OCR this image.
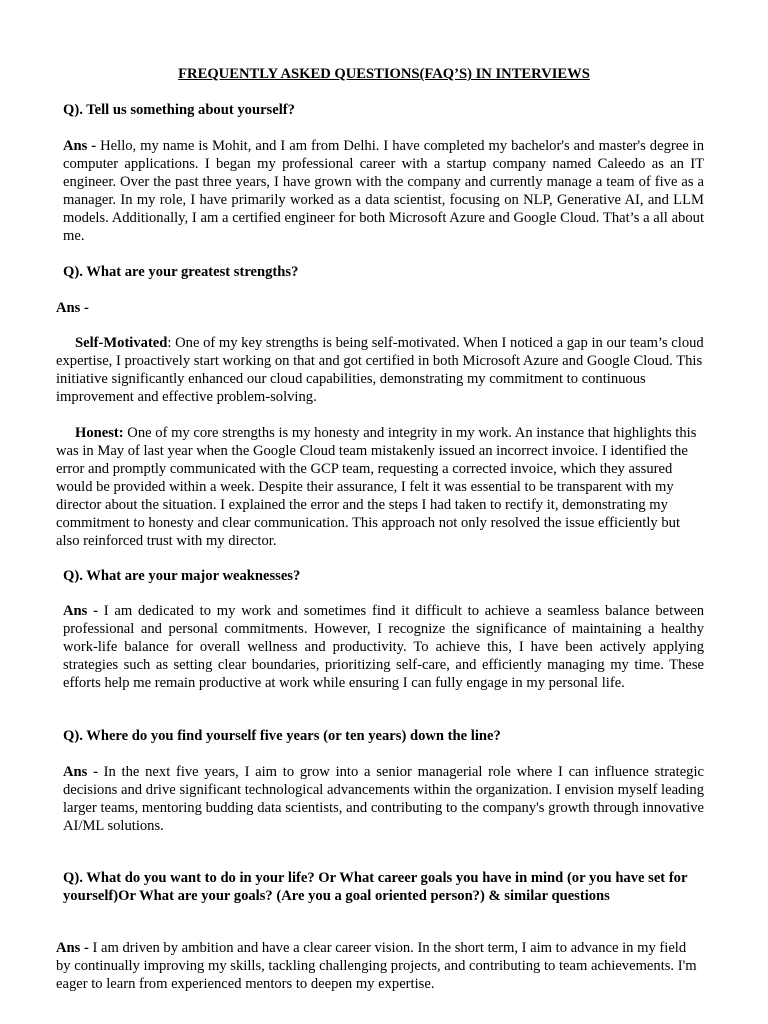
FREQUENTLY ASKED QUESTIONS(FAQ’S) IN INTERVIEWS

Q). Tell us something about yourself?

Ans - Hello, my name is Mohit, and I am from Delhi. I have completed my bachelor's and master's degree in computer applications. I began my professional career with a startup company named Caleedo as an IT engineer. Over the past three years, I have grown with the company and currently manage a team of five as a manager. In my role, I have primarily worked as a data scientist, focusing on NLP, Generative AI, and LLM models. Additionally, I am a certified engineer for both Microsoft Azure and Google Cloud. That’s a all about me.

Q). What are your greatest strengths?

Ans -

Self-Motivated: One of my key strengths is being self-motivated. When I noticed a gap in our team’s cloud expertise, I proactively start working on that and got certified in both Microsoft Azure and Google Cloud. This initiative significantly enhanced our cloud capabilities, demonstrating my commitment to continuous improvement and effective problem-solving.

Honest: One of my core strengths is my honesty and integrity in my work. An instance that highlights this was in May of last year when the Google Cloud team mistakenly issued an incorrect invoice. I identified the error and promptly communicated with the GCP team, requesting a corrected invoice, which they assured would be provided within a week. Despite their assurance, I felt it was essential to be transparent with my director about the situation. I explained the error and the steps I had taken to rectify it, demonstrating my commitment to honesty and clear communication. This approach not only resolved the issue efficiently but also reinforced trust with my director.

Q). What are your major weaknesses?

Ans - I am dedicated to my work and sometimes find it difficult to achieve a seamless balance between professional and personal commitments. However, I recognize the significance of maintaining a healthy work-life balance for overall wellness and productivity. To achieve this, I have been actively applying strategies such as setting clear boundaries, prioritizing self-care, and efficiently managing my time. These efforts help me remain productive at work while ensuring I can fully engage in my personal life.

Q). Where do you find yourself five years (or ten years) down the line?

Ans - In the next five years, I aim to grow into a senior managerial role where I can influence strategic decisions and drive significant technological advancements within the organization. I envision myself leading larger teams, mentoring budding data scientists, and contributing to the company's growth through innovative AI/ML solutions.

Q). What do you want to do in your life? Or What career goals you have in mind (or you have set for yourself)Or What are your goals? (Are you a goal oriented person?) & similar questions

Ans - I am driven by ambition and have a clear career vision. In the short term, I aim to advance in my field by continually improving my skills, tackling challenging projects, and contributing to team achievements. I'm eager to learn from experienced mentors to deepen my expertise.
